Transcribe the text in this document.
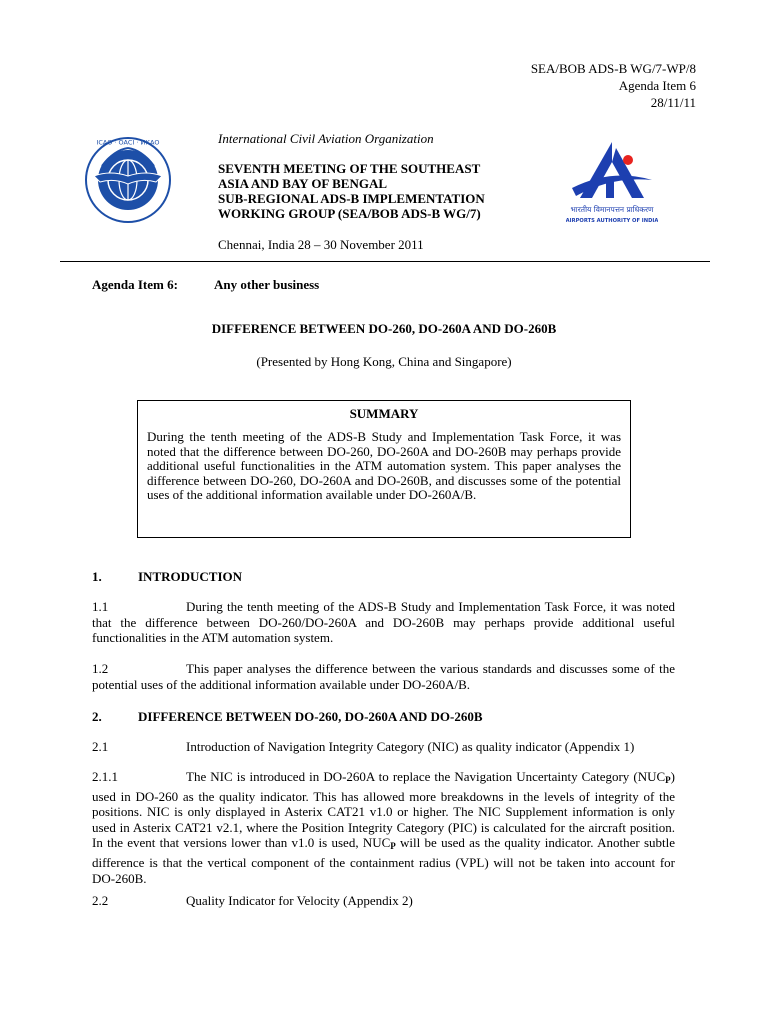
SEA/BOB ADS-B WG/7-WP/8
Agenda Item 6
28/11/11
ICAO · OACI · ИКАО	International Civil Aviation Organization
SEVENTH MEETING OF THE SOUTHEAST
ASIA AND BAY OF BENGAL
SUB-REGIONAL ADS-B IMPLEMENTATION
WORKING GROUP (SEA/BOB ADS-B WG/7)
Chennai, India 28 – 30 November 2011
भारतीय विमानपत्तन प्राधिकरण
AIRPORTS AUTHORITY OF INDIA
Agenda Item 6:	Any other business
DIFFERENCE BETWEEN DO-260, DO-260A AND DO-260B
(Presented by Hong Kong, China and Singapore)
SUMMARY
During the tenth meeting of the ADS-B Study and Implementation Task Force, it was noted that the difference between DO-260, DO-260A and DO-260B may perhaps provide additional useful functionalities in the ATM automation system. This paper analyses the difference between DO-260, DO-260A and DO-260B, and discusses some of the potential uses of the additional information available under DO-260A/B.
1.	INTRODUCTION
1.1	During the tenth meeting of the ADS-B Study and Implementation Task Force, it was noted that the difference between DO-260/DO-260A and DO-260B may perhaps provide additional useful functionalities in the ATM automation system.
1.2	This paper analyses the difference between the various standards and discusses some of the potential uses of the additional information available under DO-260A/B.
2.	DIFFERENCE BETWEEN DO-260, DO-260A AND DO-260B
2.1	Introduction of Navigation Integrity Category (NIC) as quality indicator (Appendix 1)
2.1.1	The NIC is introduced in DO-260A to replace the Navigation Uncertainty Category $(NUC_P)$ used in DO-260 as the quality indicator. This has allowed more breakdowns in the levels of integrity of the positions. NIC is only displayed in Asterix CAT21 v1.0 or higher. The NIC Supplement information is only used in Asterix CAT21 v2.1, where the Position Integrity Category (PIC) is calculated for the aircraft position. In the event that versions lower than v1.0 is used, $NUC_P$ will be used as the quality indicator. Another subtle difference is that the vertical component of the containment radius (VPL) will not be taken into account for DO-260B.
2.2	Quality Indicator for Velocity (Appendix 2)
